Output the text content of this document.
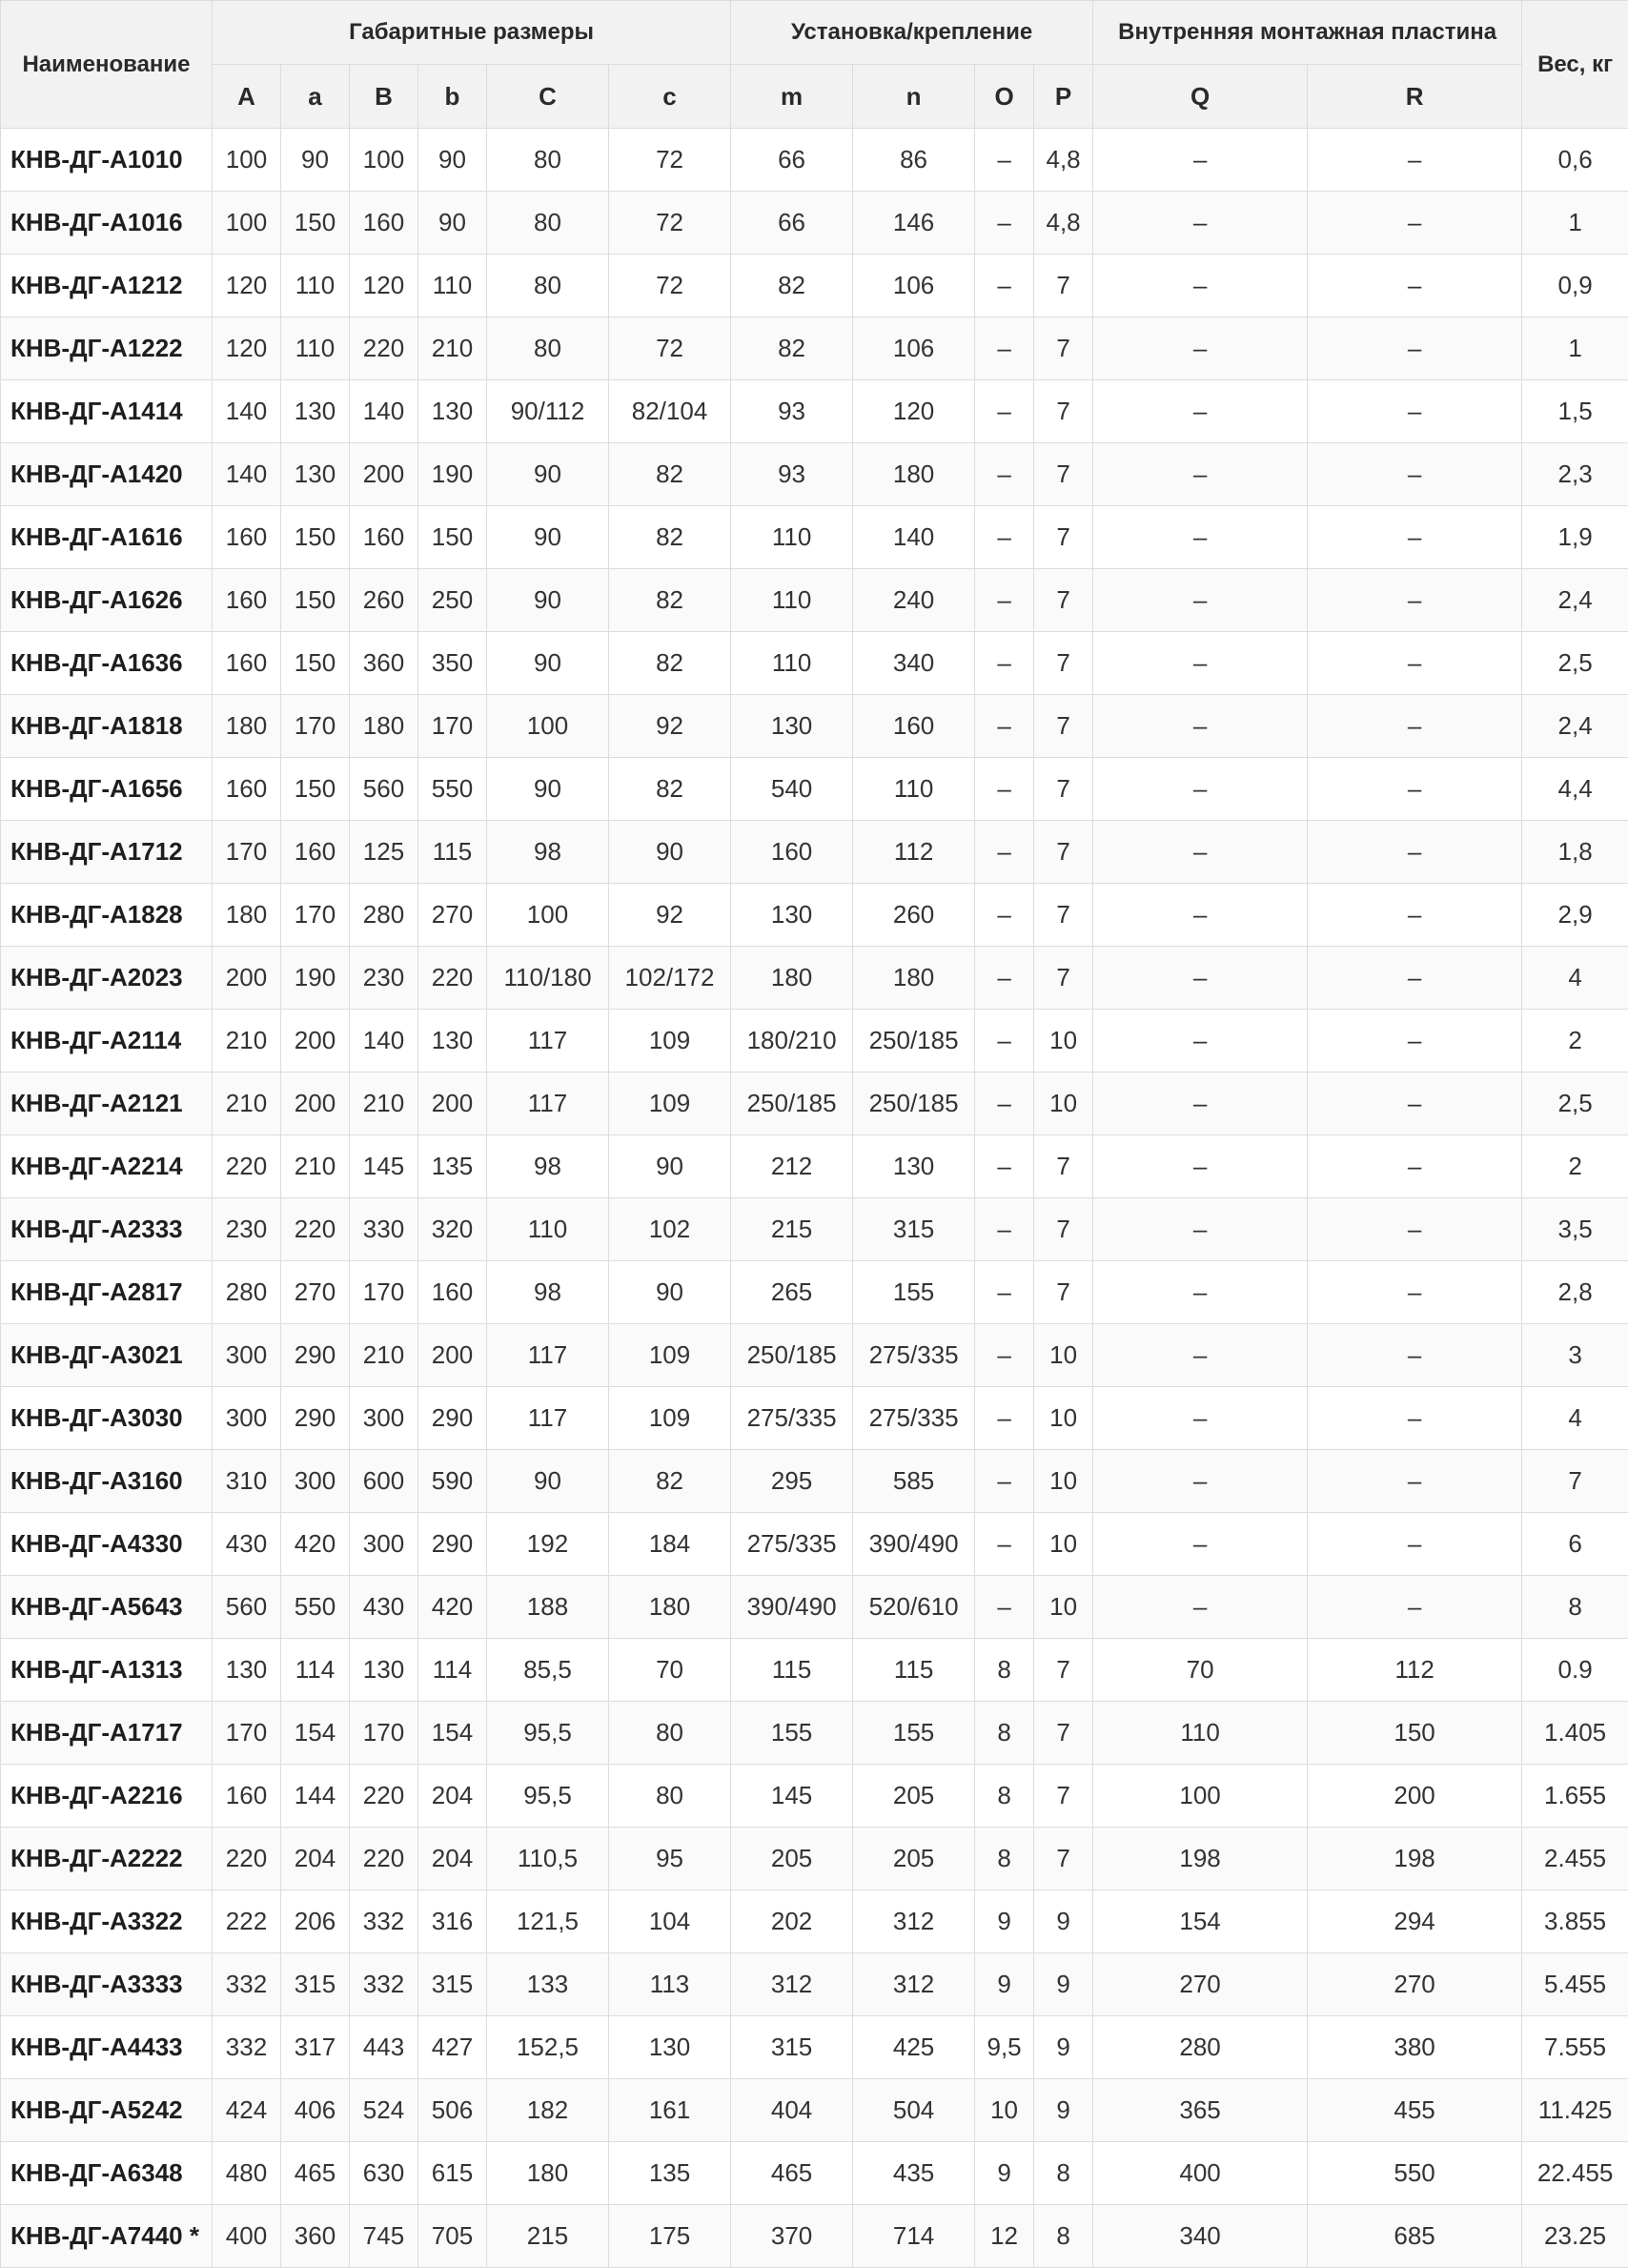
Наименование	Габаритные размеры						Установка/крепление				Внутренняя монтажная пластина		Вес, кг
	A	a	B	b	C	c	m	n	O	P	Q	R	
КНВ-ДГ-А1010	100	90	100	90	80	72	66	86	–	4,8	–	–	0,6
КНВ-ДГ-А1016	100	150	160	90	80	72	66	146	–	4,8	–	–	1
КНВ-ДГ-А1212	120	110	120	110	80	72	82	106	–	7	–	–	0,9
КНВ-ДГ-А1222	120	110	220	210	80	72	82	106	–	7	–	–	1
КНВ-ДГ-А1414	140	130	140	130	90/112	82/104	93	120	–	7	–	–	1,5
КНВ-ДГ-А1420	140	130	200	190	90	82	93	180	–	7	–	–	2,3
КНВ-ДГ-А1616	160	150	160	150	90	82	110	140	–	7	–	–	1,9
КНВ-ДГ-А1626	160	150	260	250	90	82	110	240	–	7	–	–	2,4
КНВ-ДГ-А1636	160	150	360	350	90	82	110	340	–	7	–	–	2,5
КНВ-ДГ-А1818	180	170	180	170	100	92	130	160	–	7	–	–	2,4
КНВ-ДГ-А1656	160	150	560	550	90	82	540	110	–	7	–	–	4,4
КНВ-ДГ-А1712	170	160	125	115	98	90	160	112	–	7	–	–	1,8
КНВ-ДГ-А1828	180	170	280	270	100	92	130	260	–	7	–	–	2,9
КНВ-ДГ-А2023	200	190	230	220	110/180	102/172	180	180	–	7	–	–	4
КНВ-ДГ-А2114	210	200	140	130	117	109	180/210	250/185	–	10	–	–	2
КНВ-ДГ-А2121	210	200	210	200	117	109	250/185	250/185	–	10	–	–	2,5
КНВ-ДГ-А2214	220	210	145	135	98	90	212	130	–	7	–	–	2
КНВ-ДГ-А2333	230	220	330	320	110	102	215	315	–	7	–	–	3,5
КНВ-ДГ-А2817	280	270	170	160	98	90	265	155	–	7	–	–	2,8
КНВ-ДГ-А3021	300	290	210	200	117	109	250/185	275/335	–	10	–	–	3
КНВ-ДГ-А3030	300	290	300	290	117	109	275/335	275/335	–	10	–	–	4
КНВ-ДГ-А3160	310	300	600	590	90	82	295	585	–	10	–	–	7
КНВ-ДГ-А4330	430	420	300	290	192	184	275/335	390/490	–	10	–	–	6
КНВ-ДГ-А5643	560	550	430	420	188	180	390/490	520/610	–	10	–	–	8
КНВ-ДГ-А1313	130	114	130	114	85,5	70	115	115	8	7	70	112	0.9
КНВ-ДГ-А1717	170	154	170	154	95,5	80	155	155	8	7	110	150	1.405
КНВ-ДГ-А2216	160	144	220	204	95,5	80	145	205	8	7	100	200	1.655
КНВ-ДГ-А2222	220	204	220	204	110,5	95	205	205	8	7	198	198	2.455
КНВ-ДГ-А3322	222	206	332	316	121,5	104	202	312	9	9	154	294	3.855
КНВ-ДГ-А3333	332	315	332	315	133	113	312	312	9	9	270	270	5.455
КНВ-ДГ-А4433	332	317	443	427	152,5	130	315	425	9,5	9	280	380	7.555
КНВ-ДГ-А5242	424	406	524	506	182	161	404	504	10	9	365	455	11.425
КНВ-ДГ-А6348	480	465	630	615	180	135	465	435	9	8	400	550	22.455
КНВ-ДГ-А7440 *	400	360	745	705	215	175	370	714	12	8	340	685	23.25
